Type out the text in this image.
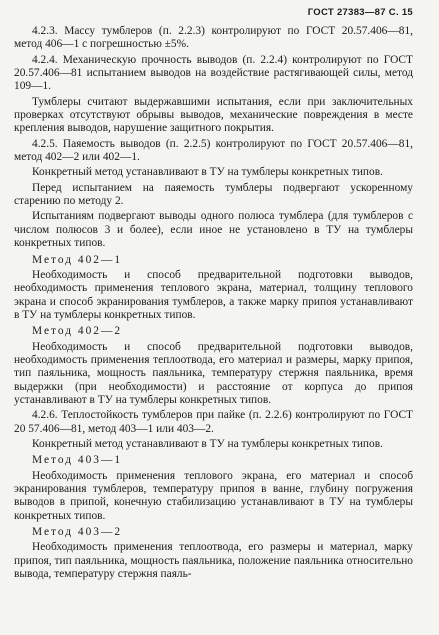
ГОСТ 27383—87 С. 15

4.2.3. Массу тумблеров (п. 2.2.3) контролируют по ГОСТ 20.57.406—81, метод 406—1 с погрешностью ±5%.

4.2.4. Механическую прочность выводов (п. 2.2.4) контролируют по ГОСТ 20.57.406—81 испытанием выводов на воздействие растягивающей силы, метод 109—1.

Тумблеры считают выдержавшими испытания, если при заключительных проверках отсутствуют обрывы выводов, механические повреждения в месте крепления выводов, нарушение защитного покрытия.

4.2.5. Паяемость выводов (п. 2.2.5) контролируют по ГОСТ 20.57.406—81, метод 402—2 или 402—1.

Конкретный метод устанавливают в ТУ на тумблеры конкретных типов.

Перед испытанием на паяемость тумблеры подвергают ускоренному старению по методу 2.

Испытаниям подвергают выводы одного полюса тумблера (для тумблеров с числом полюсов 3 и более), если иное не установлено в ТУ на тумблеры конкретных типов.

Метод 402—1

Необходимость и способ предварительной подготовки выводов, необходимость применения теплового экрана, материал, толщину теплового экрана и способ экранирования тумблеров, а также марку припоя устанавливают в ТУ на тумблеры конкретных типов.

Метод 402—2

Необходимость и способ предварительной подготовки выводов, необходимость применения теплоотвода, его материал и размеры, марку припоя, тип паяльника, мощность паяльника, температуру стержня паяльника, время выдержки (при необходимости) и расстояние от корпуса до припоя устанавливают в ТУ на тумблеры конкретных типов.

4.2.6. Теплостойкость тумблеров при пайке (п. 2.2.6) контролируют по ГОСТ 20 57.406—81, метод 403—1 или 403—2.

Конкретный метод устанавливают в ТУ на тумблеры конкретных типов.

Метод 403—1

Необходимость применения теплового экрана, его материал и способ экранирования тумблеров, температуру припоя в ванне, глубину погружения выводов в припой, конечную стабилизацию устанавливают в ТУ на тумблеры конкретных типов.

Метод 403—2

Необходимость применения теплоотвода, его размеры и материал, марку припоя, тип паяльника, мощность паяльника, положение паяльника относительно вывода, температуру стержня паяль-
